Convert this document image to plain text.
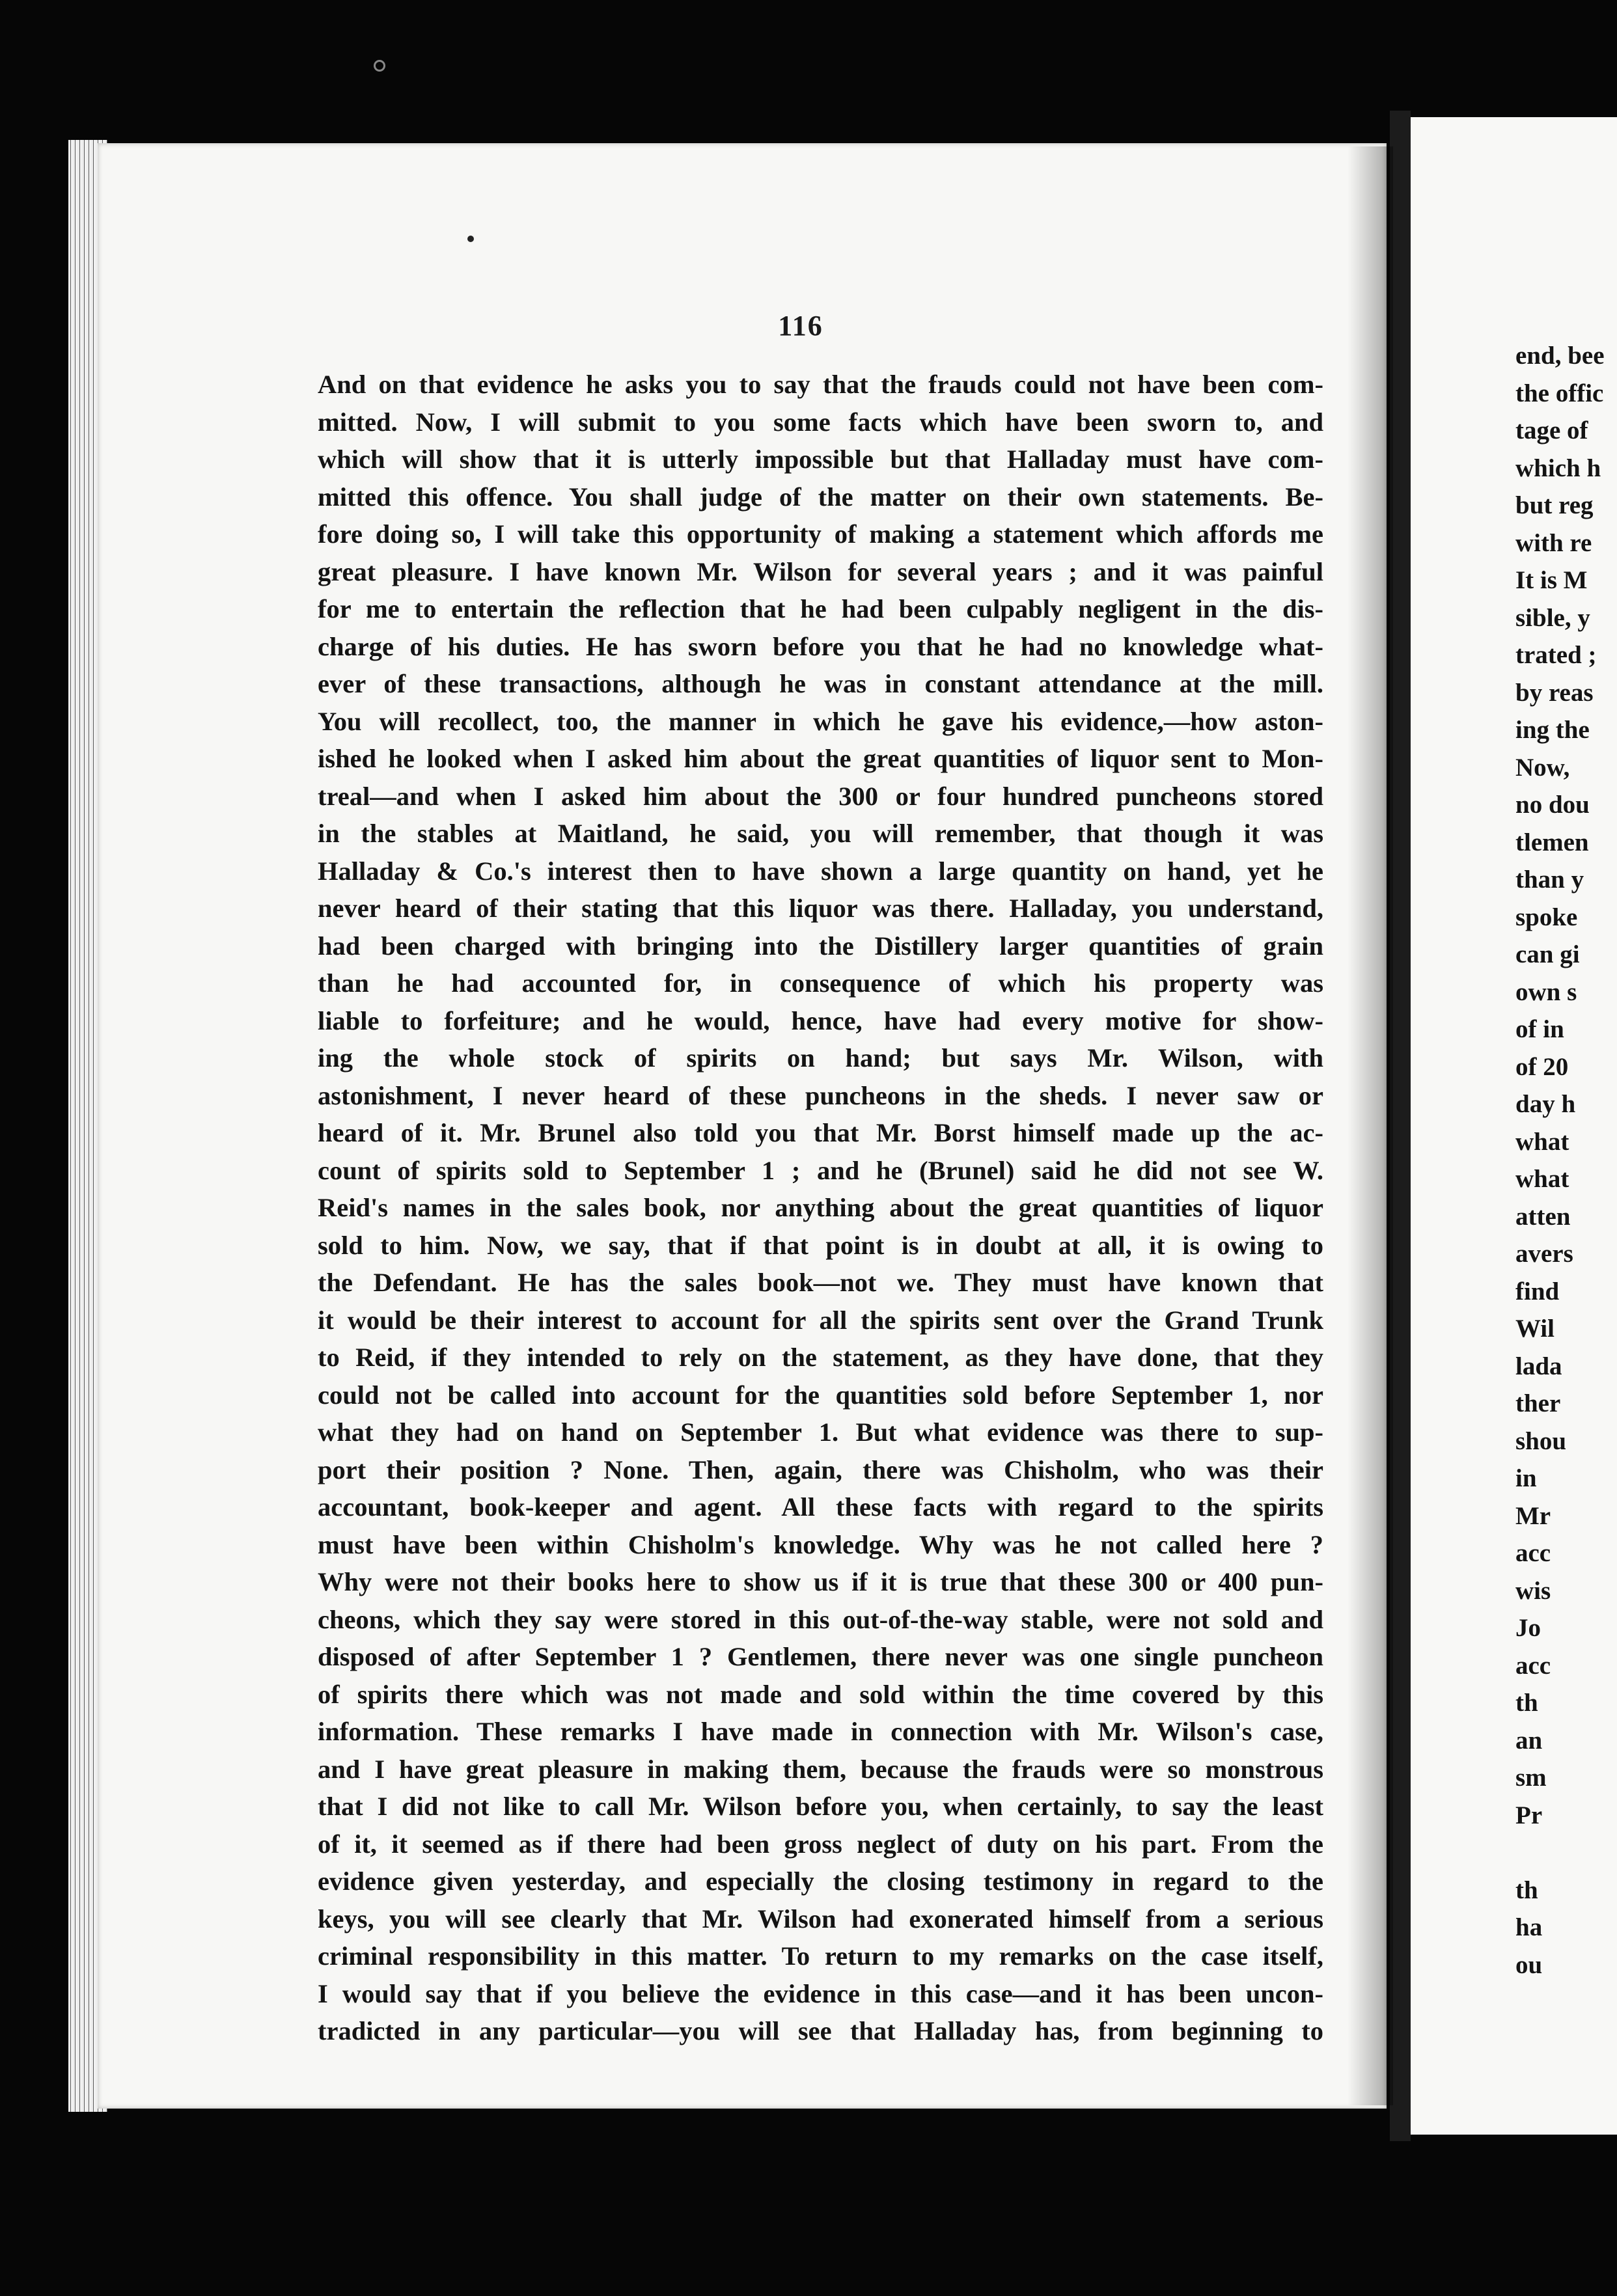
116
And on that evidence he asks you to say that the frauds could not have been com-
mitted. Now, I will submit to you some facts which have been sworn to, and
which will show that it is utterly impossible but that Halladay must have com-
mitted this offence. You shall judge of the matter on their own statements. Be-
fore doing so, I will take this opportunity of making a statement which affords me
great pleasure. I have known Mr. Wilson for several years ; and it was painful
for me to entertain the reflection that he had been culpably negligent in the dis-
charge of his duties. He has sworn before you that he had no knowledge what-
ever of these transactions, although he was in constant attendance at the mill.
You will recollect, too, the manner in which he gave his evidence,—how aston-
ished he looked when I asked him about the great quantities of liquor sent to Mon-
treal—and when I asked him about the 300 or four hundred puncheons stored
in the stables at Maitland, he said, you will remember, that though it was
Halladay & Co.'s interest then to have shown a large quantity on hand, yet he
never heard of their stating that this liquor was there. Halladay, you understand,
had been charged with bringing into the Distillery larger quantities of grain
than he had accounted for, in consequence of which his property was
liable to forfeiture; and he would, hence, have had every motive for show-
ing the whole stock of spirits on hand; but says Mr. Wilson, with
astonishment, I never heard of these puncheons in the sheds. I never saw or
heard of it. Mr. Brunel also told you that Mr. Borst himself made up the ac-
count of spirits sold to September 1 ; and he (Brunel) said he did not see W.
Reid's names in the sales book, nor anything about the great quantities of liquor
sold to him. Now, we say, that if that point is in doubt at all, it is owing to
the Defendant. He has the sales book—not we. They must have known that
it would be their interest to account for all the spirits sent over the Grand Trunk
to Reid, if they intended to rely on the statement, as they have done, that they
could not be called into account for the quantities sold before September 1, nor
what they had on hand on September 1. But what evidence was there to sup-
port their position ? None. Then, again, there was Chisholm, who was their
accountant, book-keeper and agent. All these facts with regard to the spirits
must have been within Chisholm's knowledge. Why was he not called here ?
Why were not their books here to show us if it is true that these 300 or 400 pun-
cheons, which they say were stored in this out-of-the-way stable, were not sold and
disposed of after September 1 ? Gentlemen, there never was one single puncheon
of spirits there which was not made and sold within the time covered by this
information. These remarks I have made in connection with Mr. Wilson's case,
and I have great pleasure in making them, because the frauds were so monstrous
that I did not like to call Mr. Wilson before you, when certainly, to say the least
of it, it seemed as if there had been gross neglect of duty on his part. From the
evidence given yesterday, and especially the closing testimony in regard to the
keys, you will see clearly that Mr. Wilson had exonerated himself from a serious
criminal responsibility in this matter. To return to my remarks on the case itself,
I would say that if you believe the evidence in this case—and it has been uncon-
tradicted in any particular—you will see that Halladay has, from beginning to
end, bee
the offic
tage of
which h
but reg
with re
It is M
sible, y
trated ;
by reas
ing the
Now,
no dou
tlemen
than y
spoke
can gi
own s
of in
of 20
day h
what
what
atten
avers
find
Wil
lada
ther
shou
in
Mr
acc
wis
Jo
acc
th
an
sm
Pr

th
ha
ou
